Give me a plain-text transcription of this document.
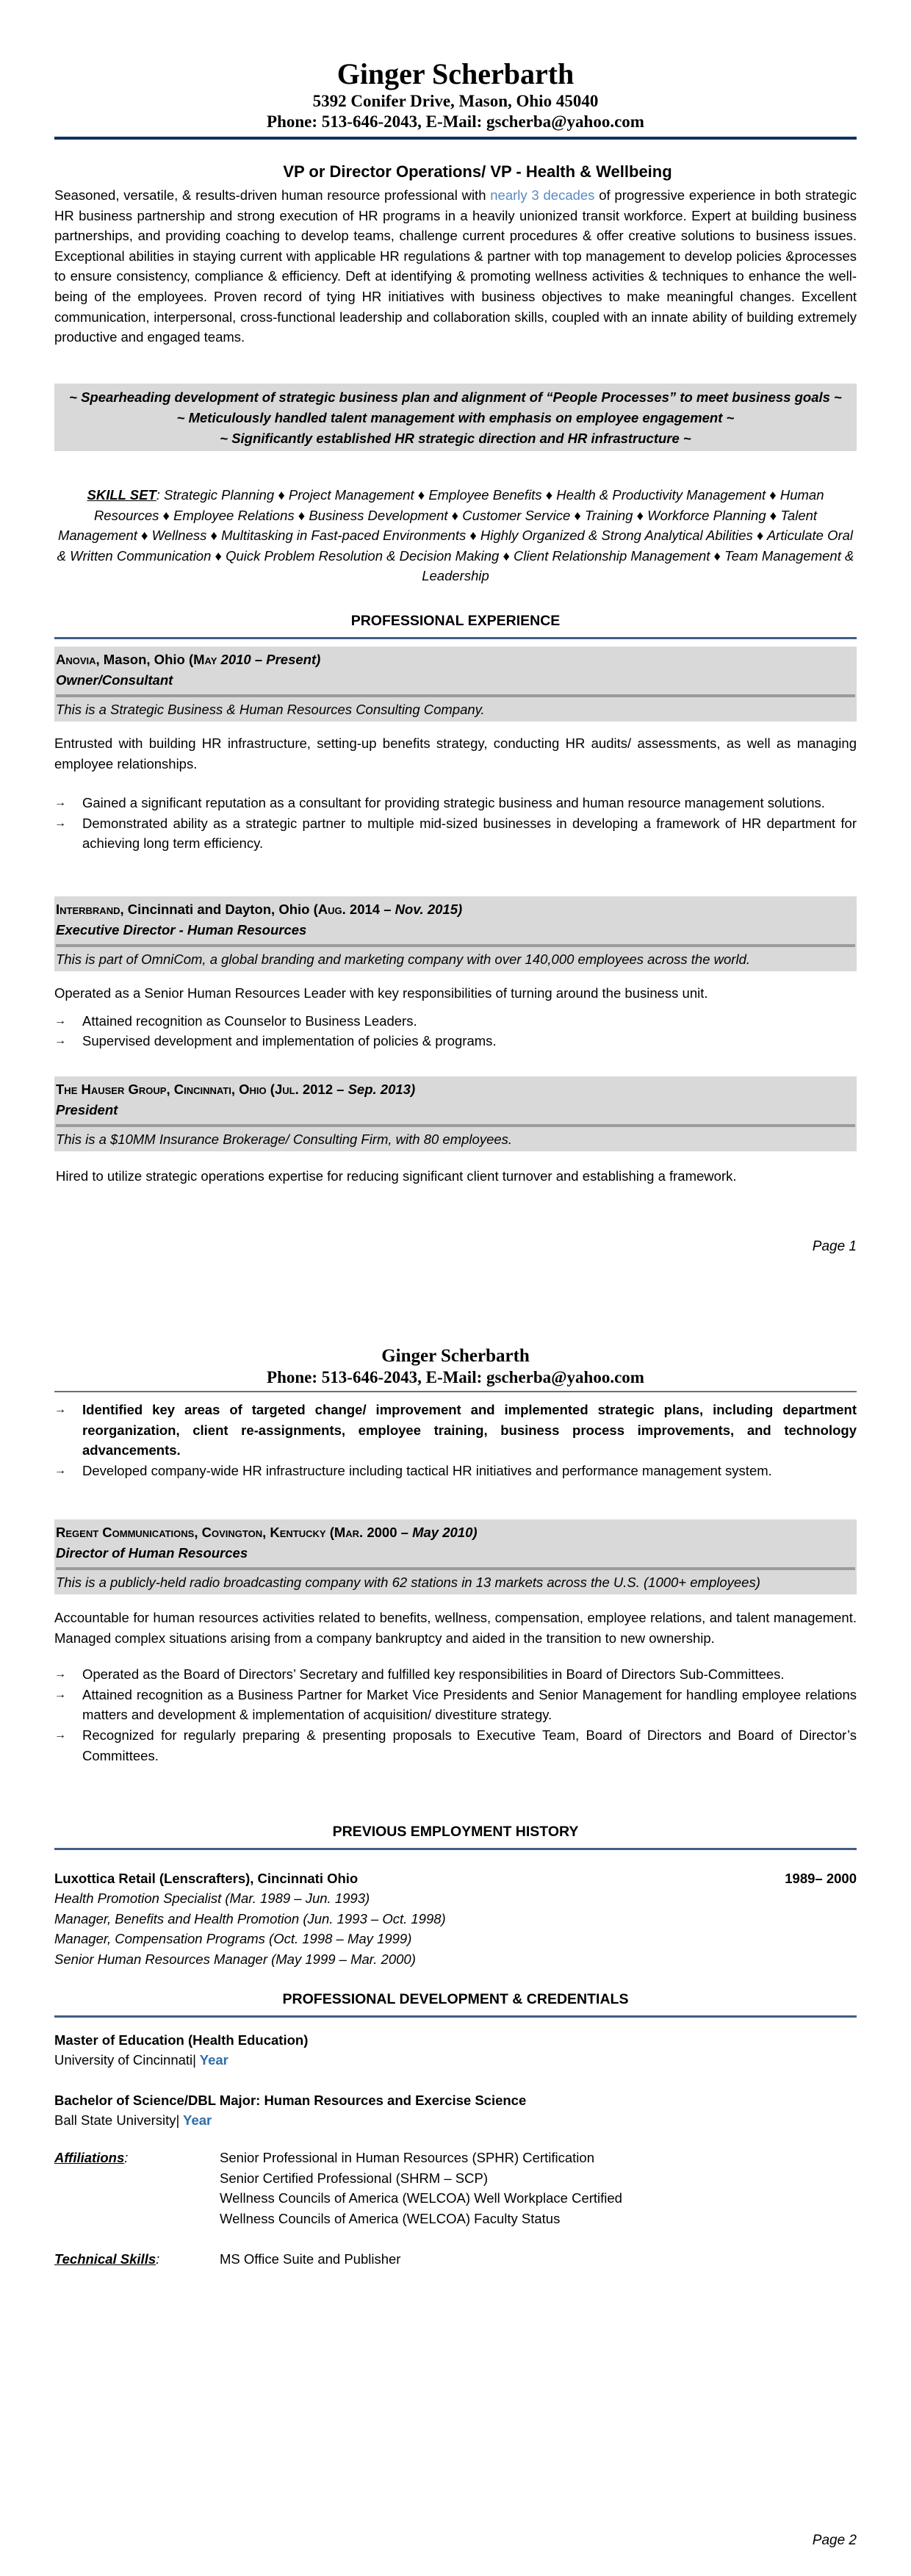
Ginger Scherbarth
5392 Conifer Drive, Mason, Ohio 45040
Phone: 513-646-2043, E-Mail: gscherba@yahoo.com
VP or Director Operations/ VP - Health & Wellbeing

Seasoned, versatile, & results-driven human resource professional with nearly 3 decades of progressive experience in both strategic HR business partnership and strong execution of HR programs in a heavily unionized transit workforce. Expert at building business partnerships, and providing coaching to develop teams, challenge current procedures & offer creative solutions to business issues. Exceptional abilities in staying current with applicable HR regulations & partner with top management to develop policies &processes to ensure consistency, compliance & efficiency. Deft at identifying & promoting wellness activities & techniques to enhance the well-being of the employees. Proven record of tying HR initiatives with business objectives to make meaningful changes. Excellent communication, interpersonal, cross-functional leadership and collaboration skills, coupled with an innate ability of building extremely productive and engaged teams.

~ Spearheading development of strategic business plan and alignment of “People Processes” to meet business goals ~
~ Meticulously handled talent management with emphasis on employee engagement ~
~ Significantly established HR strategic direction and HR infrastructure ~

SKILL SET: Strategic Planning ♦ Project Management ♦ Employee Benefits ♦ Health & Productivity Management ♦ Human Resources ♦ Employee Relations ♦ Business Development ♦ Customer Service ♦ Training ♦ Workforce Planning ♦ Talent Management ♦ Wellness ♦ Multitasking in Fast-paced Environments ♦ Highly Organized & Strong Analytical Abilities ♦ Articulate Oral & Written Communication ♦ Quick Problem Resolution & Decision Making ♦ Client Relationship Management ♦ Team Management & Leadership

PROFESSIONAL EXPERIENCE
Anovia, Mason, Ohio (May 2010 – Present)
Owner/Consultant
This is a Strategic Business & Human Resources Consulting Company.

Entrusted with building HR infrastructure, setting-up benefits strategy, conducting HR audits/ assessments, as well as managing employee relationships.

→ Gained a significant reputation as a consultant for providing strategic business and human resource management solutions.
→ Demonstrated ability as a strategic partner to multiple mid-sized businesses in developing a framework of HR department for achieving long term efficiency.
Interbrand, Cincinnati and Dayton, Ohio (Aug. 2014 – Nov. 2015)
Executive Director - Human Resources
This is part of OmniCom, a global branding and marketing company with over 140,000 employees across the world.

Operated as a Senior Human Resources Leader with key responsibilities of turning around the business unit.

→ Attained recognition as Counselor to Business Leaders.
→ Supervised development and implementation of policies & programs.
The Hauser Group, Cincinnati, Ohio (Jul. 2012 – Sep. 2013)
President
This is a $10MM Insurance Brokerage/ Consulting Firm, with 80 employees.

Hired to utilize strategic operations expertise for reducing significant client turnover and establishing a framework.

Page 1
Ginger Scherbarth
Phone: 513-646-2043, E-Mail: gscherba@yahoo.com
→ Identified key areas of targeted change/ improvement and implemented strategic plans, including department reorganization, client re-assignments, employee training, business process improvements, and technology advancements.
→ Developed company-wide HR infrastructure including tactical HR initiatives and performance management system.
Regent Communications, Covington, Kentucky (Mar. 2000 – May 2010)
Director of Human Resources
This is a publicly-held radio broadcasting company with 62 stations in 13 markets across the U.S. (1000+ employees)

Accountable for human resources activities related to benefits, wellness, compensation, employee relations, and talent management. Managed complex situations arising from a company bankruptcy and aided in the transition to new ownership.

→ Operated as the Board of Directors’ Secretary and fulfilled key responsibilities in Board of Directors Sub-Committees.
→ Attained recognition as a Business Partner for Market Vice Presidents and Senior Management for handling employee relations matters and development & implementation of acquisition/ divestiture strategy.
→ Recognized for regularly preparing & presenting proposals to Executive Team, Board of Directors and Board of Director’s Committees.
PREVIOUS EMPLOYMENT HISTORY
Luxottica Retail (Lenscrafters), Cincinnati Ohio	1989– 2000
Health Promotion Specialist (Mar. 1989 – Jun. 1993)
Manager, Benefits and Health Promotion (Jun. 1993 – Oct. 1998)
Manager, Compensation Programs (Oct. 1998 – May 1999)
Senior Human Resources Manager (May 1999 – Mar. 2000)
PROFESSIONAL DEVELOPMENT & CREDENTIALS
Master of Education (Health Education)
University of Cincinnati| Year
Bachelor of Science/DBL Major: Human Resources and Exercise Science
Ball State University| Year
Affiliations:	Senior Professional in Human Resources (SPHR) Certification
Senior Certified Professional (SHRM – SCP)
Wellness Councils of America (WELCOA) Well Workplace Certified
Wellness Councils of America (WELCOA) Faculty Status
Technical Skills:	MS Office Suite and Publisher
Page 2
